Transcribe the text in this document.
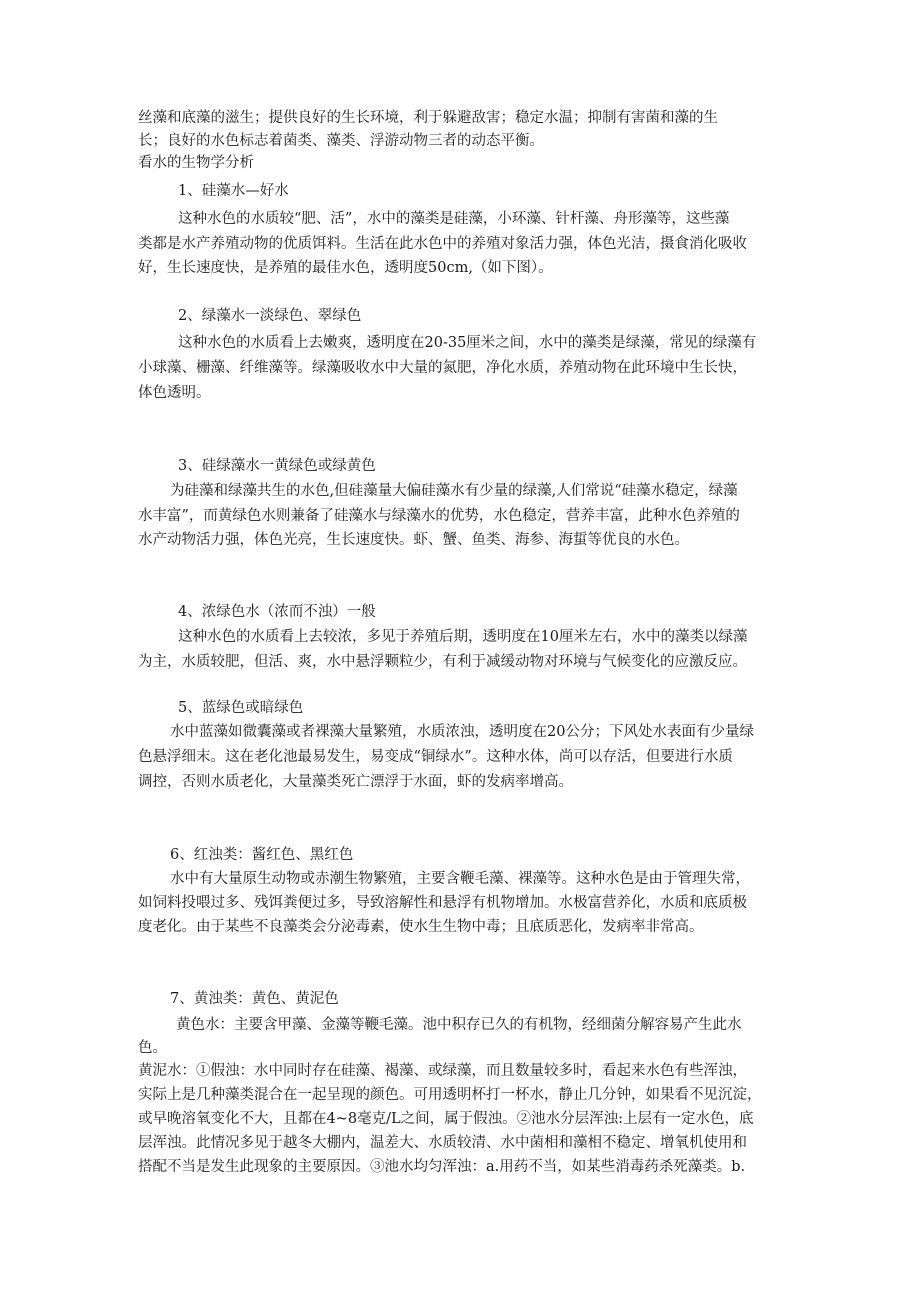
丝藻和底藻的滋生；提供良好的生长环境，利于躲避敌害；稳定水温；抑制有害菌和藻的生

长；良好的水色标志着菌类、藻类、浮游动物三者的动态平衡。

看水的生物学分析

1、硅藻水—好水

这种水色的水质较“肥、活”，水中的藻类是硅藻，小环藻、针杆藻、舟形藻等，这些藻

类都是水产养殖动物的优质饵料。生活在此水色中的养殖对象活力强，体色光洁，摄食消化吸收

好，生长速度快，是养殖的最佳水色，透明度50cm,（如下图）。

2、绿藻水一淡绿色、翠绿色

这种水色的水质看上去嫩爽，透明度在20-35厘米之间，水中的藻类是绿藻，常见的绿藻有

小球藻、栅藻、纤维藻等。绿藻吸收水中大量的氮肥，净化水质，养殖动物在此环境中生长快，

体色透明。

3、硅绿藻水一黄绿色或绿黄色

为硅藻和绿藻共生的水色,但硅藻量大偏硅藻水有少量的绿藻,人们常说“硅藻水稳定，绿藻

水丰富”，而黄绿色水则兼备了硅藻水与绿藻水的优势，水色稳定，营养丰富，此种水色养殖的

水产动物活力强，体色光亮，生长速度快。虾、蟹、鱼类、海参、海蜇等优良的水色。

4、浓绿色水（浓而不浊）一般

这种水色的水质看上去较浓，多见于养殖后期，透明度在10厘米左右，水中的藻类以绿藻

为主，水质较肥，但活、爽，水中悬浮颗粒少，有利于减缓动物对环境与气候变化的应激反应。

5、蓝绿色或暗绿色

水中蓝藻如微囊藻或者裸藻大量繁殖，水质浓浊，透明度在20公分；下风处水表面有少量绿

色悬浮细末。这在老化池最易发生，易变成“铜绿水”。这种水体，尚可以存活，但要进行水质

调控，否则水质老化，大量藻类死亡漂浮于水面，虾的发病率增高。

6、红浊类：酱红色、黑红色

水中有大量原生动物或赤潮生物繁殖，主要含鞭毛藻、裸藻等。这种水色是由于管理失常，

如饲料投喂过多、残饵粪便过多，导致溶解性和悬浮有机物增加。水极富营养化，水质和底质极

度老化。由于某些不良藻类会分泌毒素，使水生生物中毒；且底质恶化，发病率非常高。

7、黄浊类：黄色、黄泥色

黄色水：主要含甲藻、金藻等鞭毛藻。池中积存已久的有机物，经细菌分解容易产生此水

色。

黄泥水：①假浊：水中同时存在硅藻、褐藻、或绿藻，而且数量较多时，看起来水色有些浑浊，

实际上是几种藻类混合在一起呈现的颜色。可用透明杯打一杯水，静止几分钟，如果看不见沉淀，

或早晚溶氧变化不大，且都在4~8毫克/L之间，属于假浊。②池水分层浑浊:上层有一定水色，底

层浑浊。此情况多见于越冬大棚内，温差大、水质较清、水中菌相和藻相不稳定、增氧机使用和

搭配不当是发生此现象的主要原因。③池水均匀浑浊：a.用药不当，如某些消毒药杀死藻类。b.
